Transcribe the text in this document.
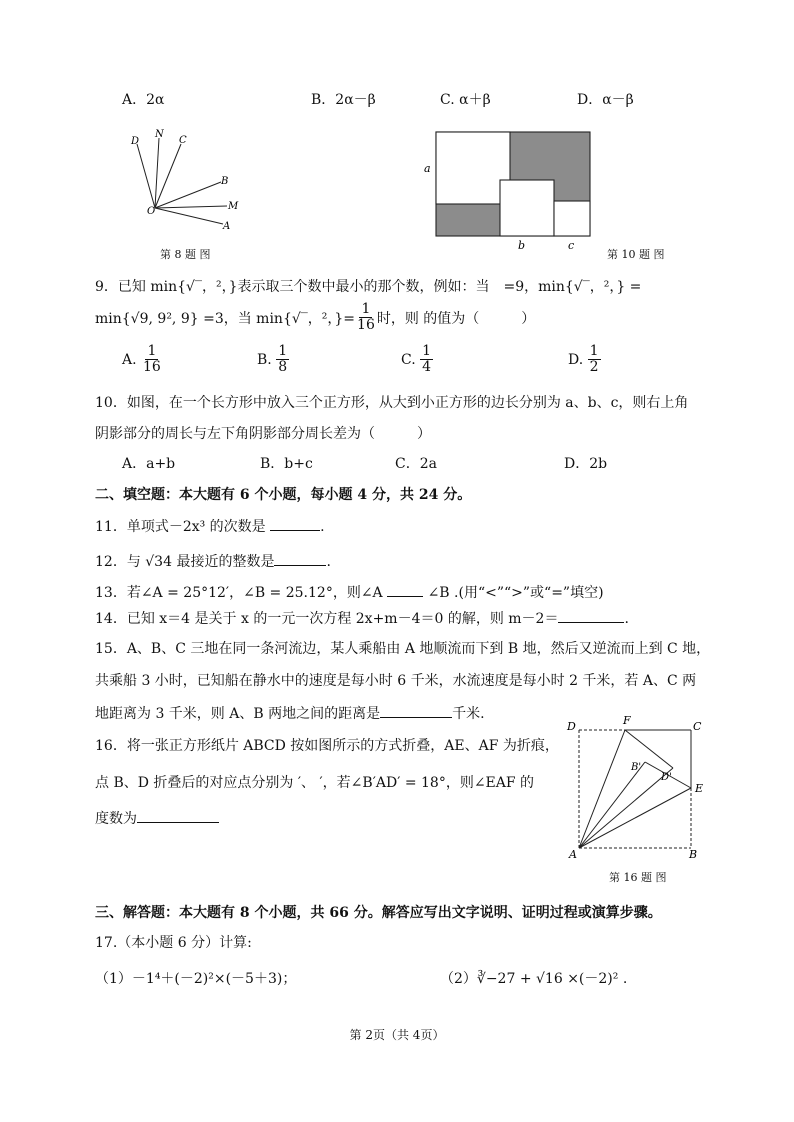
A．2α	B．2α－β	C. α＋β	D．α－β
D
N
C
B
M
A
O
第 8 题 图
a
b	c
第 10 题 图
9．已知 min{√‾，²，}表示取三个数中最小的那个数，例如：当　=9，min{√‾，²，} =
min{√9, 9², 9} =3，当 min{√‾，²，}= $\frac{1}{16}$ 时，则 的值为（　　　）
A.
$\frac{1}{16}$	B.
$\frac{1}{8}$	C.
$\frac{1}{4}$	D.
$\frac{1}{2}$
10．如图，在一个长方形中放入三个正方形，从大到小正方形的边长分别为 a、b、c，则右上角
阴影部分的周长与左下角阴影部分周长差为（　　　）
A．a+b	B．b+c	C．2a	D．2b
二、填空题：本大题有 6 个小题，每小题 4 分，共 24 分。
11．单项式－2x³ 的次数是	.
12．与 √34 最接近的整数是	.
13．若∠A = 25°12′，∠B = 25.12°，则∠A	∠B .(用“<”“>”或“=”填空)
14．已知 x＝4 是关于 x 的一元一次方程 2x+m－4＝0 的解，则 m－2＝	.
15．A、B、C 三地在同一条河流边，某人乘船由 A 地顺流而下到 B 地，然后又逆流而上到 C 地，
共乘船 3 小时，已知船在静水中的速度是每小时 6 千米，水流速度是每小时 2 千米，若 A、C 两
地距离为 3 千米，则 A、B 两地之间的距离是	千米.
16．将一张正方形纸片 ABCD 按如图所示的方式折叠，AE、AF 为折痕，
点 B、D 折叠后的对应点分别为 ′、 ′，若∠B′AD′ = 18°，则∠EAF 的
度数为
D	F	C
B'
D'
E
A	B
第 16 题 图
三、解答题：本大题有 8 个小题，共 66 分。解答应写出文字说明、证明过程或演算步骤。
17.（本小题 6 分）计算:
（1）－1⁴＋(－2)²×(－5＋3)；	（2）∛−27 + √16 ×(－2)² .
第 2页（共 4页）
